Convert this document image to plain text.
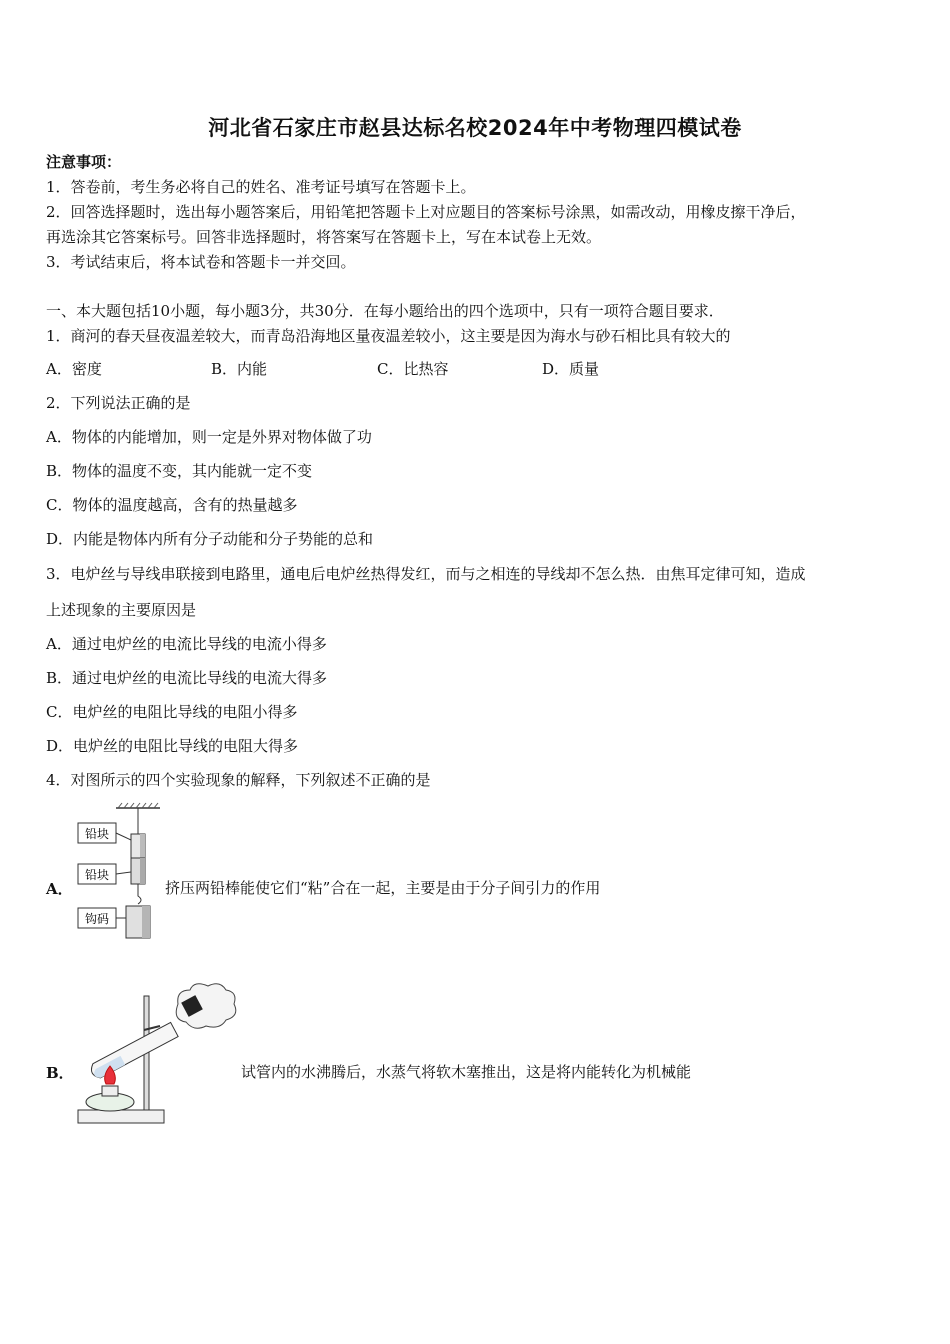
河北省石家庄市赵县达标名校2024年中考物理四模试卷
注意事项：
1．答卷前，考生务必将自己的姓名、准考证号填写在答题卡上。
2．回答选择题时，选出每小题答案后，用铅笔把答题卡上对应题目的答案标号涂黑，如需改动，用橡皮擦干净后，
再选涂其它答案标号。回答非选择题时，将答案写在答题卡上，写在本试卷上无效。
3．考试结束后，将本试卷和答题卡一并交回。
一、本大题包括10小题，每小题3分，共30分．在每小题给出的四个选项中，只有一项符合题目要求．
1．商河的春天昼夜温差较大，而青岛沿海地区量夜温差较小，这主要是因为海水与砂石相比具有较大的
A．密度	B．内能	C．比热容	D．质量
2．下列说法正确的是
A．物体的内能增加，则一定是外界对物体做了功
B．物体的温度不变，其内能就一定不变
C．物体的温度越高，含有的热量越多
D．内能是物体内所有分子动能和分子势能的总和
3．电炉丝与导线串联接到电路里，通电后电炉丝热得发红，而与之相连的导线却不怎么热．由焦耳定律可知，造成
上述现象的主要原因是
A．通过电炉丝的电流比导线的电流小得多
B．通过电炉丝的电流比导线的电流大得多
C．电炉丝的电阻比导线的电阻小得多
D．电炉丝的电阻比导线的电阻大得多
4．对图所示的四个实验现象的解释，下列叙述不正确的是
A．
铅块
铅块
钩码
挤压两铅棒能使它们“粘”合在一起，主要是由于分子间引力的作用
B．	试管内的水沸腾后，水蒸气将软木塞推出，这是将内能转化为机械能
